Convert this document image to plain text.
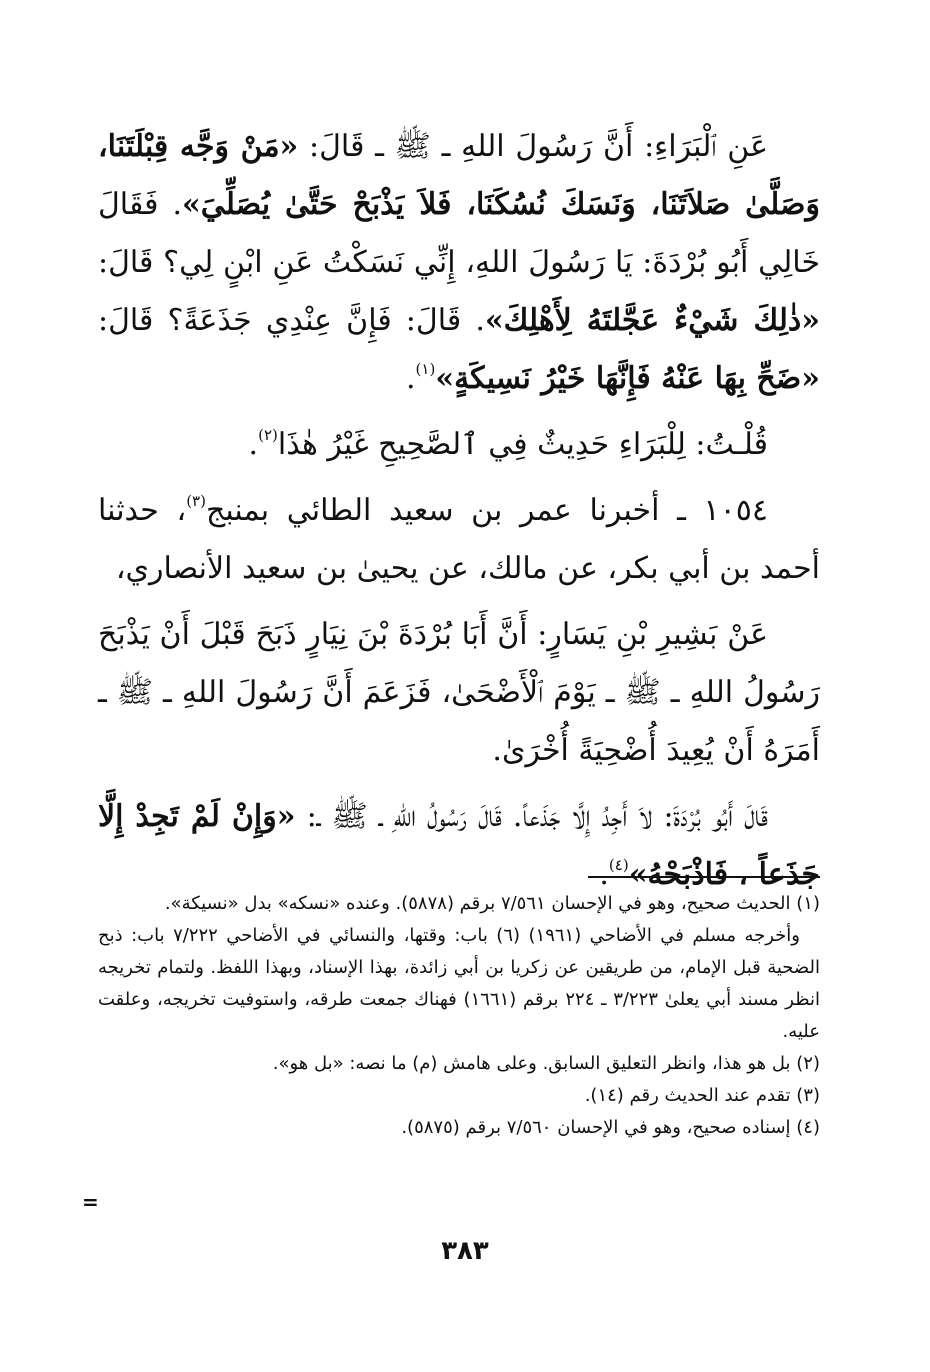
عَنِ ٱلْبَرَاءِ: أَنَّ رَسُولَ اللهِ ـ ﷺ ـ قَالَ: «مَنْ وَجَّه قِبْلَتَنَا، وَصَلَّىٰ صَلاَتَنَا، وَنَسَكَ نُسُكَنَا، فَلاَ يَذْبَحْ حَتَّىٰ يُصَلِّيَ». فَقَالَ خَالِي أَبُو بُرْدَةَ: يَا رَسُولَ اللهِ، إِنِّي نَسَكْتُ عَنِ ابْنٍ لِي؟ قَالَ: «ذٰلِكَ شَيْءٌ عَجَّلتَهُ لِأَهْلِكَ». قَالَ: فَإِنَّ عِنْدِي جَذَعَةً؟ قَالَ: «ضَحِّ بِهَا عَنْهُ فَإِنَّهَا خَيْرُ نَسِيكَةٍ»$^{(١)}$.

قُلْـتُ: لِلْبَرَاءِ حَدِيثٌ فِي ٱلصَّحِيحِ غَيْرُ هٰذَا$^{(٢)}$.

١٠٥٤ ـ أخبرنا عمر بن سعيد الطائي بمنبج$^{(٣)}$، حدثنا أحمد بن أبي بكر، عن مالك، عن يحيىٰ بن سعيد الأنصاري،

عَنْ بَشِيرِ بْنِ يَسَارٍ: أَنَّ أَبَا بُرْدَةَ بْنَ نِيَارٍ ذَبَحَ قَبْلَ أَنْ يَذْبَحَ رَسُولُ اللهِ ـ ﷺ ـ يَوْمَ ٱلْأَضْحَىٰ، فَزَعَمَ أَنَّ رَسُولَ اللهِ ـ ﷺ ـ أَمَرَهُ أَنْ يُعِيدَ أُضْحِيَةً أُخْرَىٰ.

قَالَ أَبُو بُرْدَةَ: لاَ أَجِدُ إِلَّا جَذَعاً. قَالَ رَسُولُ اللهِ ـ ﷺ ـ: «وَإِنْ لَمْ تَجِدْ إِلَّا جَذَعاً ، فَاذْبَحْهُ»$^{(٤)}$.

(١) الحديث صحيح، وهو في الإحسان ٧/٥٦١ برقم (٥٨٧٨). وعنده «نسكه» بدل «نسيكة».

وأخرجه مسلم في الأضاحي (١٩٦١) (٦) باب: وقتها، والنسائي في الأضاحي ٧/٢٢٢ باب: ذبح الضحية قبل الإمام، من طريقين عن زكريا بن أبي زائدة، بهذا الإسناد، وبهذا اللفظ. ولتمام تخريجه انظر مسند أبي يعلىٰ ٣/٢٢٣ ـ ٢٢٤ برقم (١٦٦١) فهناك جمعت طرقه، واستوفيت تخريجه، وعلقت عليه.

(٢) بل هو هذا، وانظر التعليق السابق. وعلى هامش (م) ما نصه: «بل هو».

(٣) تقدم عند الحديث رقم (١٤).

(٤) إسناده صحيح، وهو في الإحسان ٧/٥٦٠ برقم (٥٨٧٥).

=
٣٨٣
